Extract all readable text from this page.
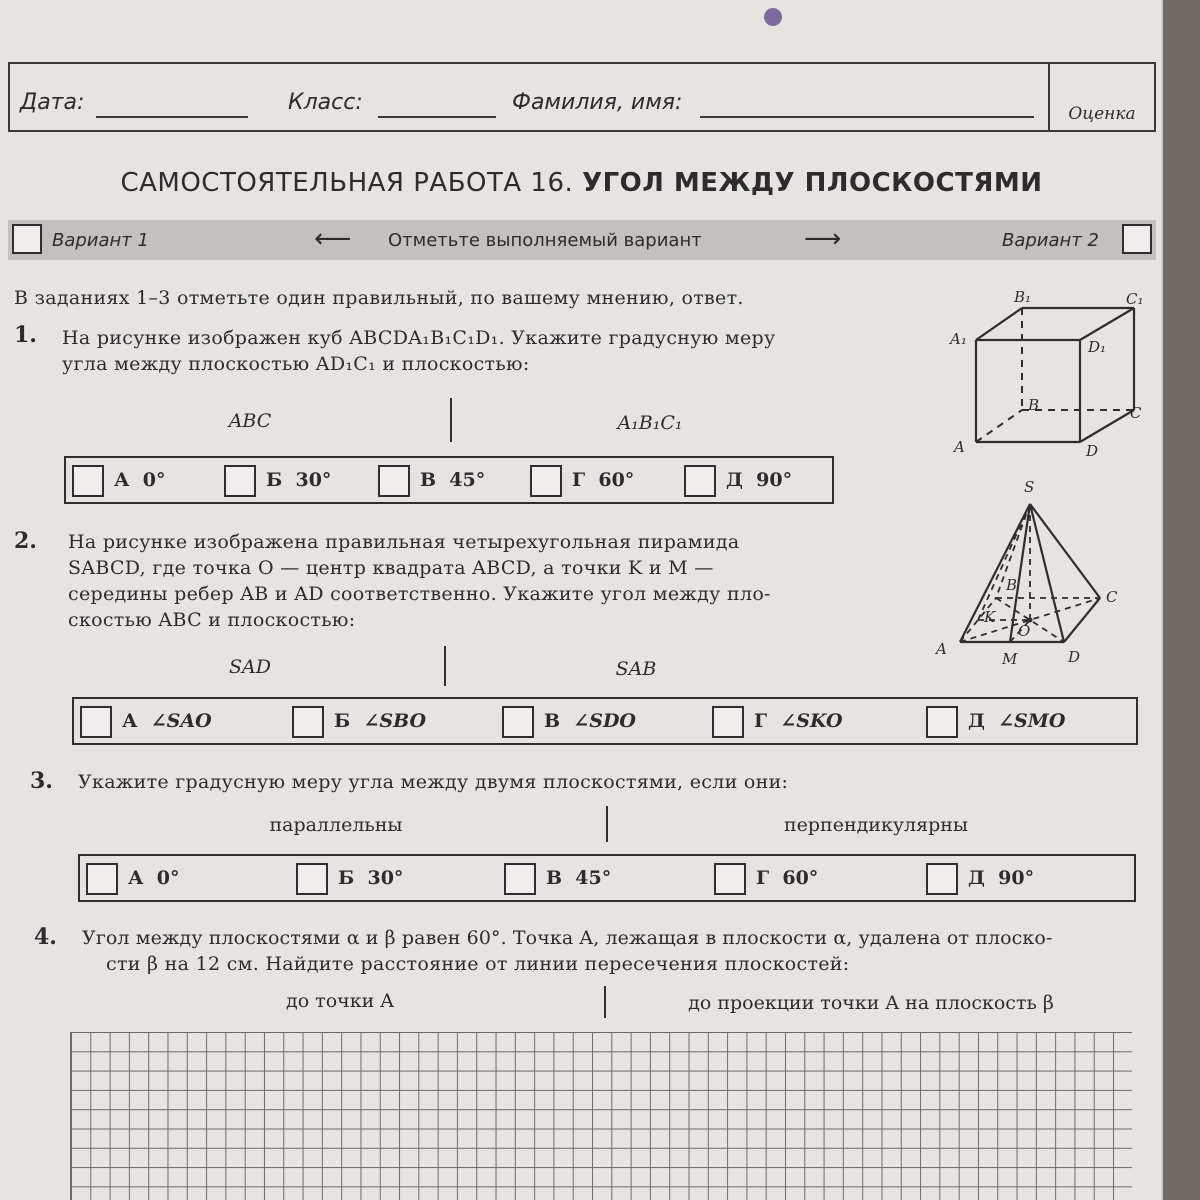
Дата:	Класс:	Фамилия, имя:	Оценка
САМОСТОЯТЕЛЬНАЯ РАБОТА 16. УГОЛ МЕЖДУ ПЛОСКОСТЯМИ
Вариант 1	⟵ Отметьте выполняемый вариант	⟶	Вариант 2
В заданиях 1–3 отметьте один правильный, по вашему мнению, ответ.
1. На рисунке изображен куб ABCDA₁B₁C₁D₁. Укажите градусную меру
угла между плоскостью AD₁C₁ и плоскостью:
ABC	A₁B₁C₁
А 0°	Б 30°	В 45°	Г 60°	Д 90°
A₁
B₁	C₁
D₁
A
B	C
D
2. На рисунке изображена правильная четырехугольная пирамида
SABCD, где точка O — центр квадрата ABCD, а точки K и M —
середины ребер AB и AD соответственно. Укажите угол между пло-
скостью ABC и плоскостью:
SAD	SAB
А ∠SAO	Б ∠SBO	В ∠SDO	Г ∠SKO	Д ∠SMO
S
A
B
C
D
K
M
O
3. Укажите градусную меру угла между двумя плоскостями, если они:
параллельны	перпендикулярны
А 0°	Б 30°	В 45°	Г 60°	Д 90°
4. Угол между плоскостями α и β равен 60°. Точка A, лежащая в плоскости α, удалена от плоско-
сти β на 12 см. Найдите расстояние от линии пересечения плоскостей:
до точки A	до проекции точки A на плоскость β
